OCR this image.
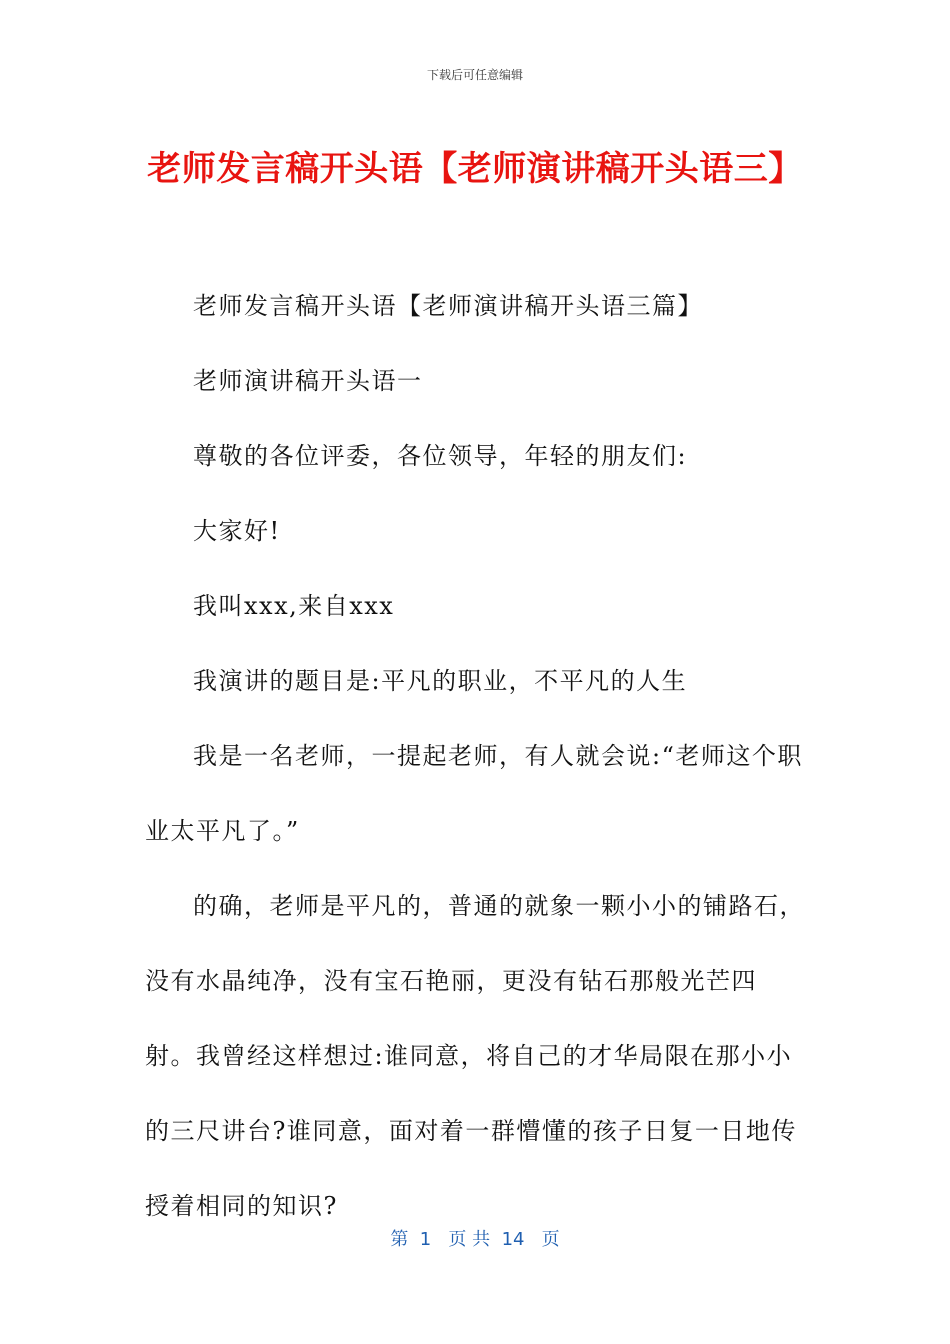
下载后可任意编辑
老师发言稿开头语【老师演讲稿开头语三】

老师发言稿开头语【老师演讲稿开头语三篇】

老师演讲稿开头语一

尊敬的各位评委，各位领导，年轻的朋友们:

大家好!

我叫xxx,来自xxx

我演讲的题目是:平凡的职业，不平凡的人生

我是一名老师，一提起老师，有人就会说:“老师这个职业太平凡了。”

的确，老师是平凡的，普通的就象一颗小小的铺路石，没有水晶纯净，没有宝石艳丽，更没有钻石那般光芒四射。我曾经这样想过:谁同意，将自己的才华局限在那小小的三尺讲台?谁同意，面对着一群懵懂的孩子日复一日地传授着相同的知识?

第  1   页 共  14   页
